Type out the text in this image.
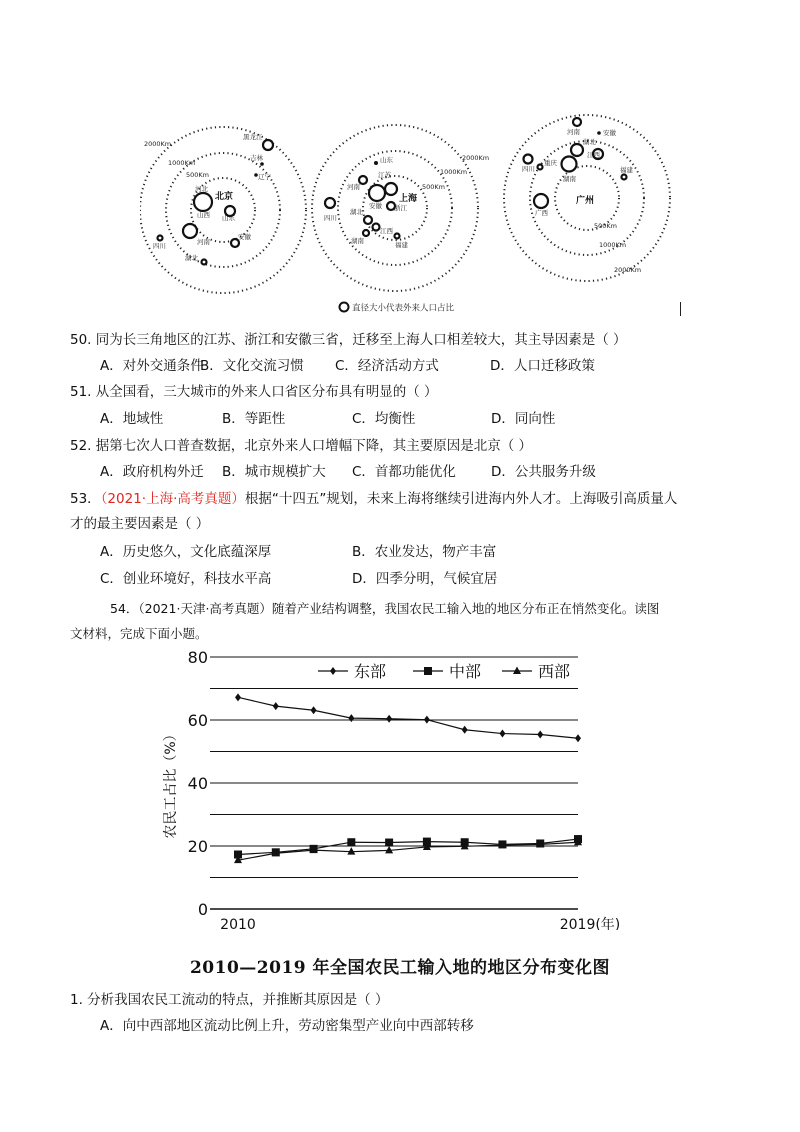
2000Km
1000Km
500Km
黑龙江
吉林
辽宁
河北
北京
山西 山东
河南
安徽
四川
湖北
2000Km
1000Km
500Km
山东
江苏
河南
上海
安徽 浙江
四川
湖北
江西
湖南	福建
500Km
1000Km
2000Km
河南	安徽
湖北
四川
重庆
江西
湖南
福建
广西
广州
直径大小代表外来人口占比
50. 同为长三角地区的江苏、浙江和安徽三省，迁移至上海人口相差较大，其主导因素是（ ）
A．对外交通条件
B．文化交流习惯 C．经济活动方式	D．人口迁移政策
51. 从全国看，三大城市的外来人口省区分布具有明显的（ ）
A．地域性	B．等距性	C．均衡性	D．同向性
52. 据第七次人口普查数据，北京外来人口增幅下降，其主要原因是北京（ ）
A．政府机构外迁 B．城市规模扩大 C．首都功能优化	D．公共服务升级
53．（2021·上海·高考真题）根据“十四五”规划，未来上海将继续引进海内外人才。上海吸引高质量人
才的最主要因素是（ ）
A．历史悠久，文化底蕴深厚	B．农业发达，物产丰富
C．创业环境好，科技水平高	D．四季分明，气候宜居
54．（2021·天津·高考真题）随着产业结构调整，我国农民工输入地的地区分布正在悄然变化。读图
文材料，完成下面小题。
0
20
40
60
80
2010	2019(年)
农民工占比（%）
东部	中部	西部
2010—2019 年全国农民工输入地的地区分布变化图
1. 分析我国农民工流动的特点，并推断其原因是（ ）
A．向中西部地区流动比例上升，劳动密集型产业向中西部转移
